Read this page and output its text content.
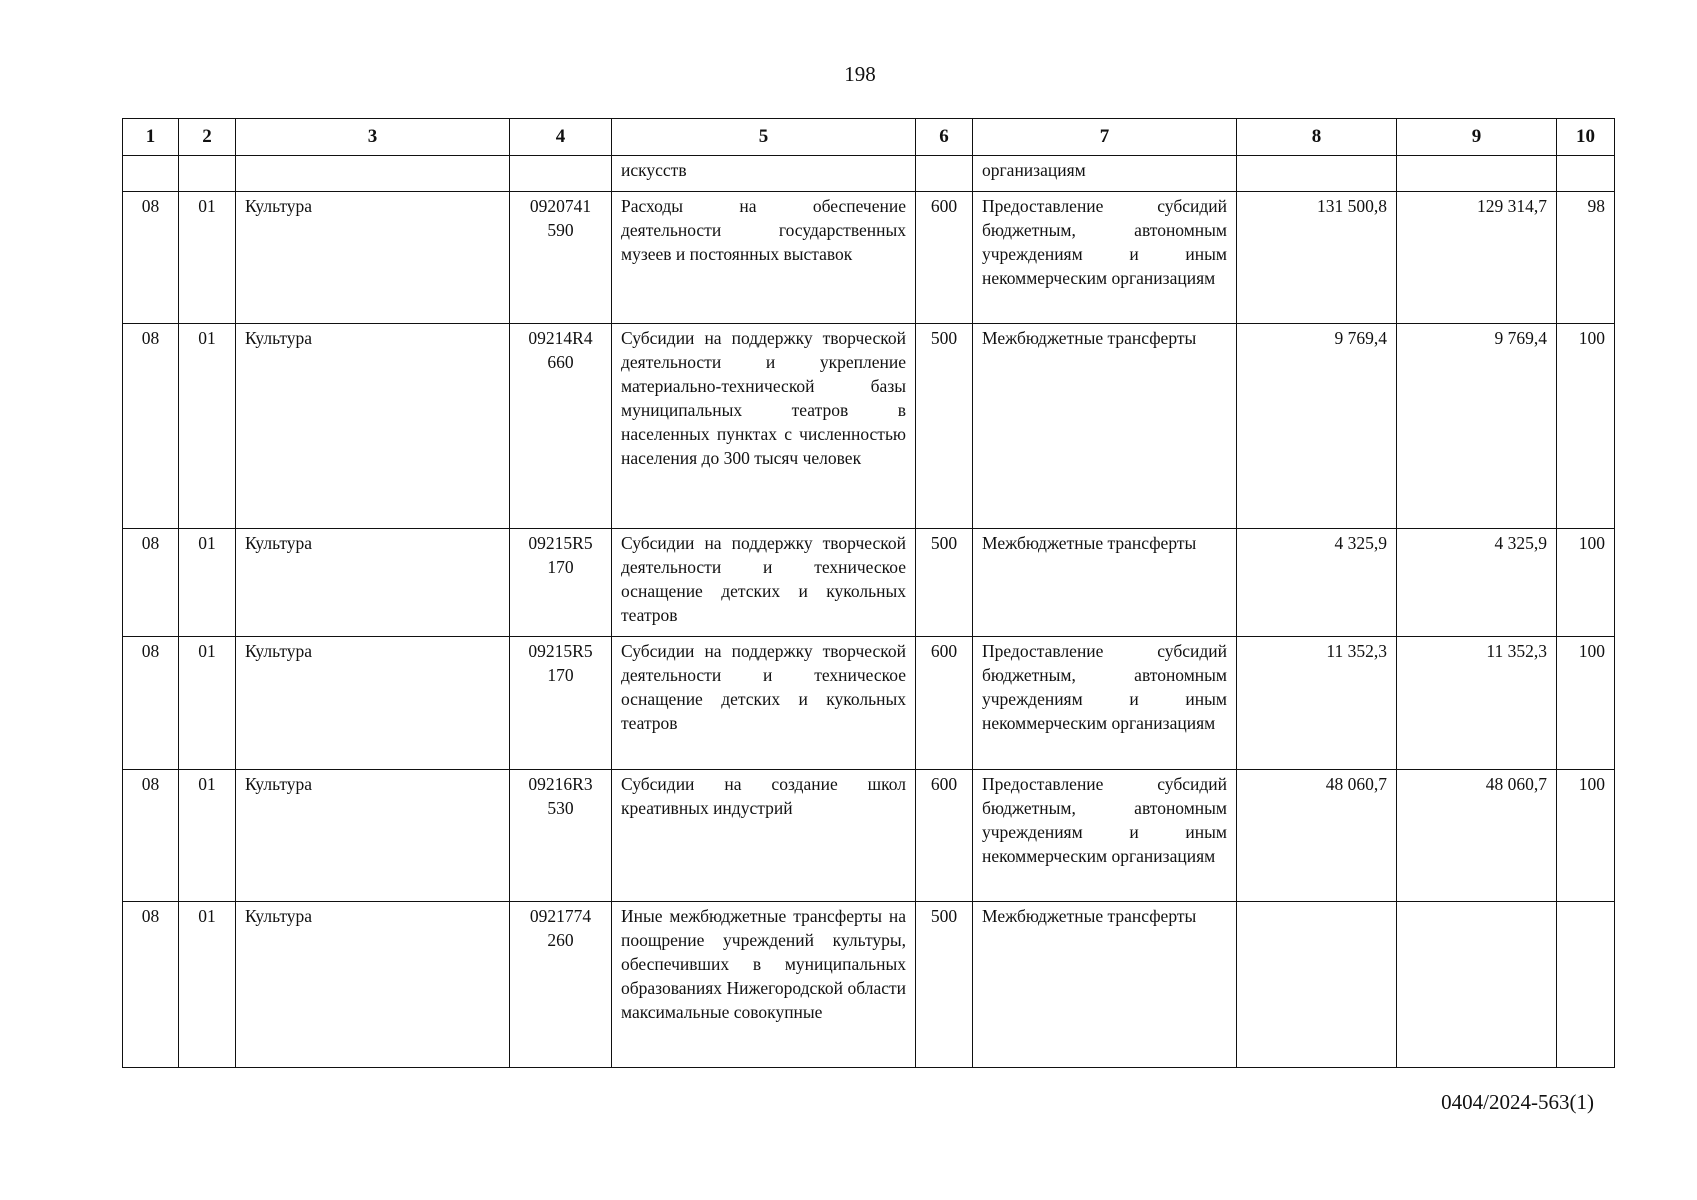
198
1	2	3	4	5	6	7	8	9	10
				искусств		организациям			
08	01	Культура	0920741 590	Расходы на обеспечение деятельности государственных музеев и постоянных выставок	600	Предоставление субсидий бюджетным, автономным учреждениям и иным некоммерческим организациям	131 500,8	129 314,7	98
08	01	Культура	09214R4 660	Субсидии на поддержку творческой деятельности и укрепление материально-технической базы муниципальных театров в населенных пунктах с численностью населения до 300 тысяч человек	500	Межбюджетные трансферты	9 769,4	9 769,4	100
08	01	Культура	09215R5 170	Субсидии на поддержку творческой деятельности и техническое оснащение детских и кукольных театров	500	Межбюджетные трансферты	4 325,9	4 325,9	100
08	01	Культура	09215R5 170	Субсидии на поддержку творческой деятельности и техническое оснащение детских и кукольных театров	600	Предоставление субсидий бюджетным, автономным учреждениям и иным некоммерческим организациям	11 352,3	11 352,3	100
08	01	Культура	09216R3 530	Субсидии на создание школ креативных индустрий	600	Предоставление субсидий бюджетным, автономным учреждениям и иным некоммерческим организациям	48 060,7	48 060,7	100
08	01	Культура	0921774 260	Иные межбюджетные трансферты на поощрение учреждений культуры, обеспечивших в муниципальных образованиях Нижегородской области максимальные совокупные	500	Межбюджетные трансферты			
0404/2024-563(1)
